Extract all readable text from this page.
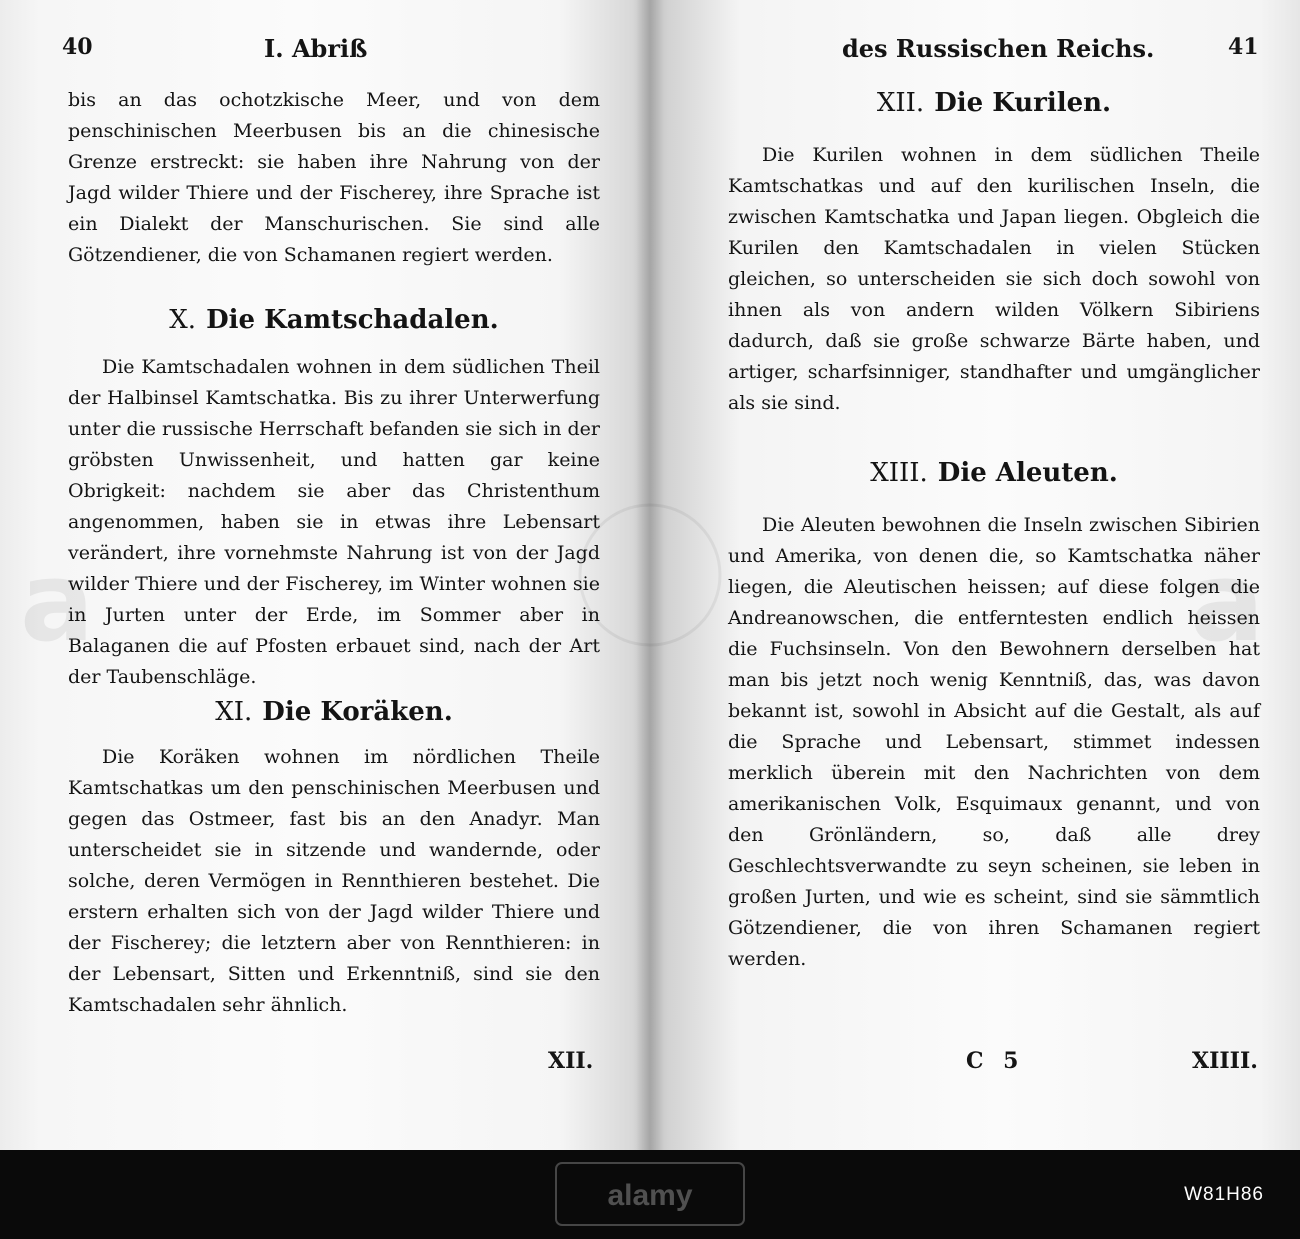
40	I. Abriß
bis an das ochotzkische Meer, und von dem penschinischen Meerbusen bis an die chinesische Grenze erstreckt: sie haben ihre Nahrung von der Jagd wilder Thiere und der Fischerey, ihre Sprache ist ein Dialekt der Manschurischen. Sie sind alle Götzendiener, die von Schamanen regiert werden.
X. Die Kamtschadalen.
Die Kamtschadalen wohnen in dem südlichen Theil der Halbinsel Kamtschatka. Bis zu ihrer Unterwerfung unter die russische Herrschaft befanden sie sich in der gröbsten Unwissenheit, und hatten gar keine Obrigkeit: nachdem sie aber das Christenthum angenommen, haben sie in etwas ihre Lebensart verändert, ihre vornehmste Nahrung ist von der Jagd wilder Thiere und der Fischerey, im Winter wohnen sie in Jurten unter der Erde, im Sommer aber in Balaganen die auf Pfosten erbauet sind, nach der Art der Taubenschläge.
XI. Die Koräken.
Die Koräken wohnen im nördlichen Theile Kamtschatkas um den penschinischen Meerbusen und gegen das Ostmeer, fast bis an den Anadyr. Man unterscheidet sie in sitzende und wandernde, oder solche, deren Vermögen in Rennthieren bestehet. Die erstern erhalten sich von der Jagd wilder Thiere und der Fischerey; die letztern aber von Rennthieren: in der Lebensart, Sitten und Erkenntniß, sind sie den Kamtschadalen sehr ähnlich.
XII.
des Russischen Reichs.	41
XII. Die Kurilen.
Die Kurilen wohnen in dem südlichen Theile Kamtschatkas und auf den kurilischen Inseln, die zwischen Kamtschatka und Japan liegen. Obgleich die Kurilen den Kamtschadalen in vielen Stücken gleichen, so unterscheiden sie sich doch sowohl von ihnen als von andern wilden Völkern Sibiriens dadurch, daß sie große schwarze Bärte haben, und artiger, scharfsinniger, standhafter und umgänglicher als sie sind.
XIII. Die Aleuten.
Die Aleuten bewohnen die Inseln zwischen Sibirien und Amerika, von denen die, so Kamtschatka näher liegen, die Aleutischen heissen; auf diese folgen die Andreanowschen, die entferntesten endlich heissen die Fuchsinseln. Von den Bewohnern derselben hat man bis jetzt noch wenig Kenntniß, das, was davon bekannt ist, sowohl in Absicht auf die Gestalt, als auf die Sprache und Lebensart, stimmet indessen merklich überein mit den Nachrichten von dem amerikanischen Volk, Esquimaux genannt, und von den Grönländern, so, daß alle drey Geschlechtsverwandte zu seyn scheinen, sie leben in großen Jurten, und wie es scheint, sind sie sämmtlich Götzendiener, die von ihren Schamanen regiert werden.
C 5	XIIII.
a	a
alamy	W81H86
